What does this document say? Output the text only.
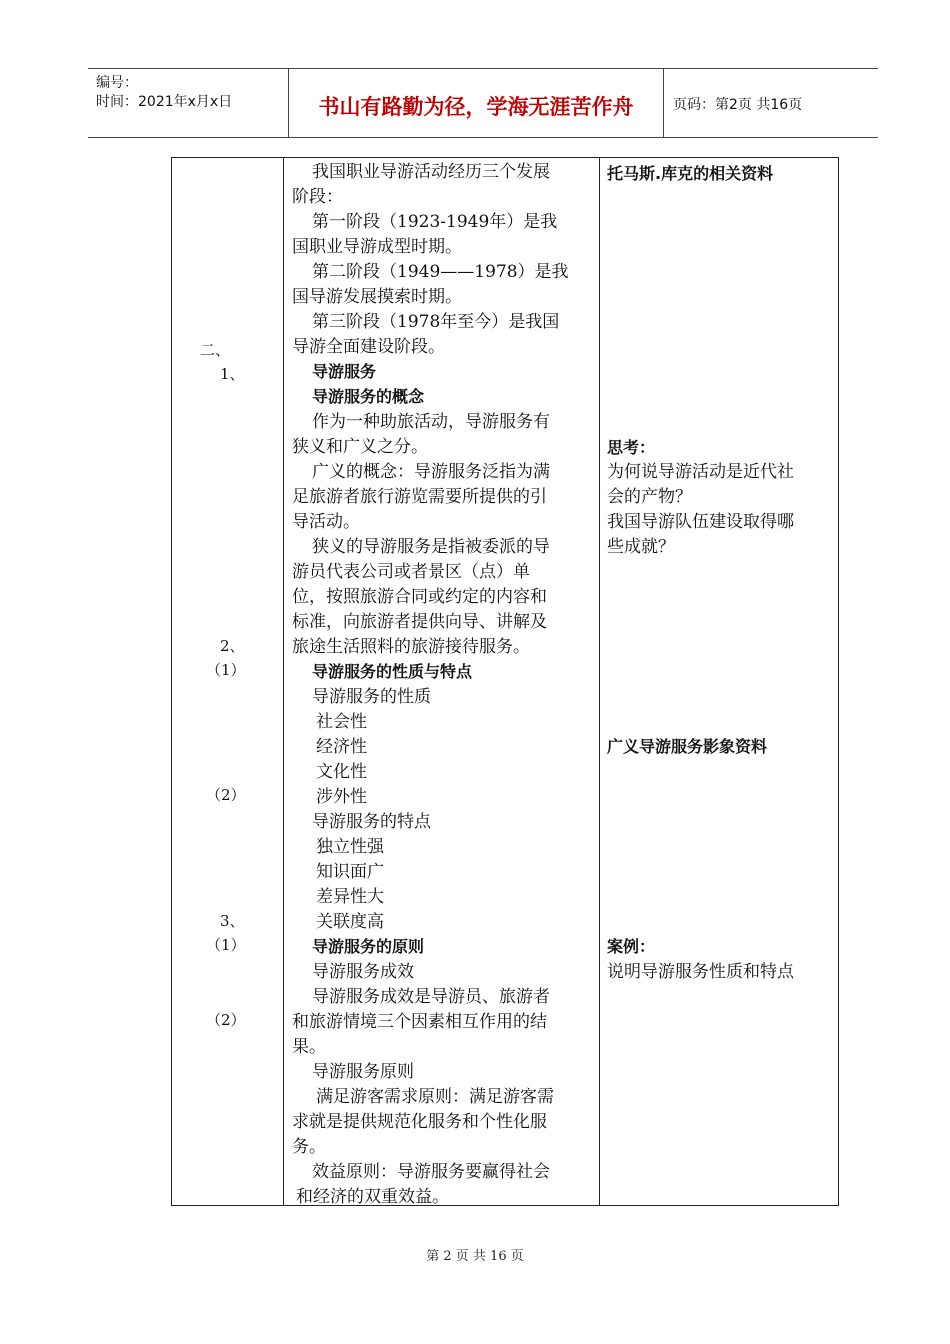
编号：
时间：2021年x月x日	书山有路勤为径，学海无涯苦作舟	页码：第2页 共16页
二、
1、
2、
（1）
（2）
3、
（1）
（2）
我国职业导游活动经历三个发展
阶段：
第一阶段（1923-1949年）是我
国职业导游成型时期。
第二阶段（1949——1978）是我
国导游发展摸索时期。
第三阶段（1978年至今）是我国
导游全面建设阶段。
导游服务
导游服务的概念
作为一种助旅活动，导游服务有
狭义和广义之分。
广义的概念：导游服务泛指为满
足旅游者旅行游览需要所提供的引
导活动。
狭义的导游服务是指被委派的导
游员代表公司或者景区（点）单
位，按照旅游合同或约定的内容和
标准，向旅游者提供向导、讲解及
旅途生活照料的旅游接待服务。
导游服务的性质与特点
导游服务的性质
社会性
经济性
文化性
涉外性
导游服务的特点
独立性强
知识面广
差异性大
关联度高
导游服务的原则
导游服务成效
导游服务成效是导游员、旅游者
和旅游情境三个因素相互作用的结
果。
导游服务原则
满足游客需求原则：满足游客需
求就是提供规范化服务和个性化服
务。
效益原则：导游服务要赢得社会
和经济的双重效益。
托马斯.库克的相关资料
思考：
为何说导游活动是近代社
会的产物？
我国导游队伍建设取得哪
些成就？
广义导游服务影象资料
案例：
说明导游服务性质和特点
第 2 页 共 16 页
